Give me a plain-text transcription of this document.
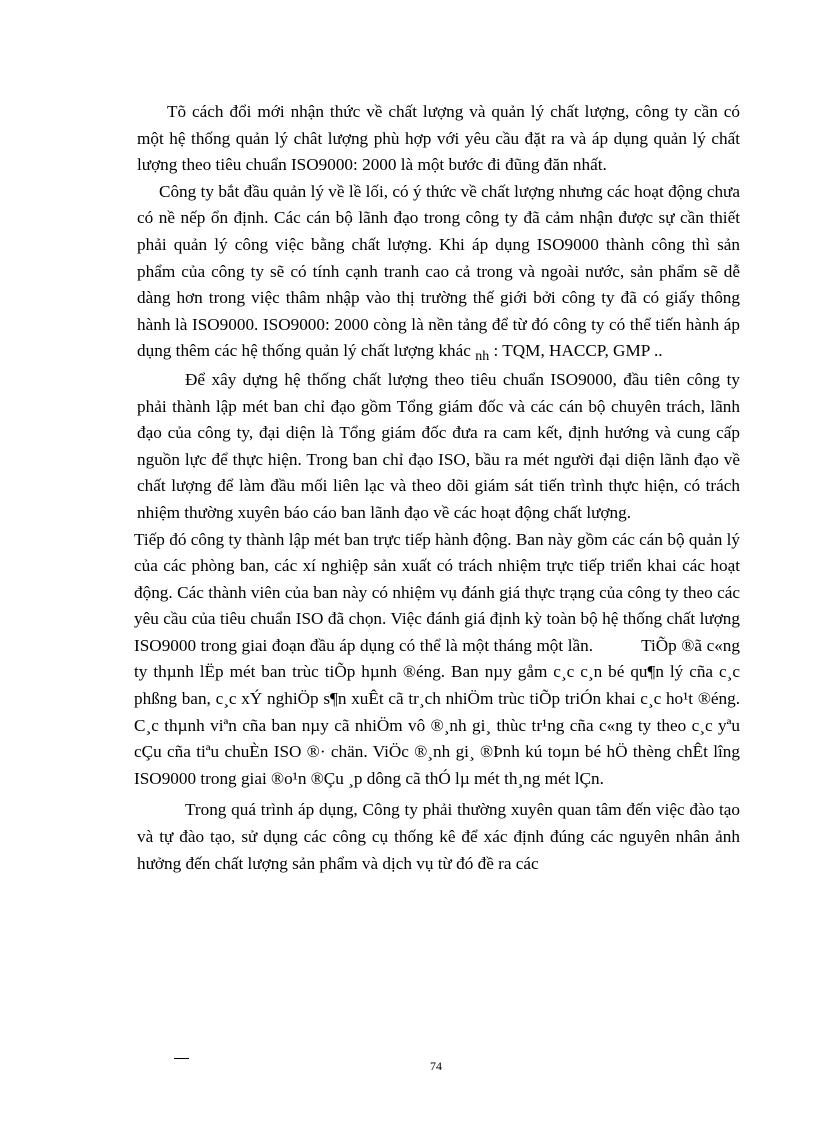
Tõ cách đổi mới nhận thức về chất lượng và quản lý chất lượng, công ty cần có một hệ thống quản lý chât lượng phù hợp với yêu cầu đặt ra và áp dụng quản lý chất lượng theo tiêu chuẩn ISO9000: 2000 là một bước đi đũng đăn nhất.

Công ty bắt đầu quản lý về lề lối, có ý thức về chất lượng nhưng các hoạt động chưa có nề nếp ổn định. Các cán bộ lãnh đạo trong công ty đã cảm nhận được sự cần thiết phải quản lý công việc bằng chất lượng. Khi áp dụng ISO9000 thành công thì sản phẩm của công ty sẽ có tính cạnh tranh cao cả trong và ngoài nước, sản phẩm sẽ dễ dàng hơn trong việc thâm nhập vào thị trường thế giới bởi công ty đã có giấy thông hành là ISO9000. ISO9000: 2000 còng là nền tảng để từ đó công ty có thể tiến hành áp dụng thêm các hệ thống quản lý chất lượng khác $_{nh}$ : TQM, HACCP, GMP ..

Để xây dựng hệ thống chất lượng theo tiêu chuẩn ISO9000, đầu tiên công ty phải thành lập mét ban chỉ đạo gồm Tổng giám đốc và các cán bộ chuyên trách, lãnh đạo của công ty, đại diện là Tổng giám đốc đưa ra cam kết, định hướng và cung cấp nguồn lực để thực hiện. Trong ban chỉ đạo ISO, bầu ra mét người đại diện lãnh đạo về chất lượng để làm đầu mối liên lạc và theo dõi giám sát tiến trình thực hiện, có trách nhiệm thường xuyên báo cáo ban lãnh đạo về các hoạt động chất lượng.

Tiếp đó công ty thành lập mét ban trực tiếp hành động. Ban này gồm các cán bộ quản lý của các phòng ban, các xí nghiệp sản xuất có trách nhiệm trực tiếp triển khai các hoạt động. Các thành viên của ban này có nhiệm vụ đánh giá thực trạng của công ty theo các yêu cầu của tiêu chuẩn ISO đã chọn. Việc đánh giá định kỳ toàn bộ hệ thống chất lượng ISO9000 trong giai đoạn đầu áp dụng có thể là một tháng một lần.	TiÕp ®ã c«ng ty thµnh lËp mét ban trùc tiÕp hµnh ®éng. Ban nµy gåm c¸c c¸n bé qu¶n lý cña c¸c phßng ban, c¸c xÝ nghiÖp s¶n xuÊt cã tr¸ch nhiÖm trùc tiÕp triÓn khai c¸c ho¹t ®éng. C¸c thµnh viªn cña ban nµy cã nhiÖm vô ®¸nh gi¸ thùc tr¹ng cña c«ng ty theo c¸c yªu cÇu cña tiªu chuÈn ISO ®· chän. ViÖc ®¸nh gi¸ ®Þnh kú toµn bé hÖ thèng chÊt lîng ISO9000 trong giai ®o¹n ®Çu ¸p dông cã thÓ lµ mét th¸ng mét lÇn.

Trong quá trình áp dụng, Công ty phải thường xuyên quan tâm đến việc đào tạo và tự đào tạo, sử dụng các công cụ thống kê để xác định đúng các nguyên nhân ảnh hưởng đến chất lượng sản phẩm và dịch vụ từ đó đề ra các

74
